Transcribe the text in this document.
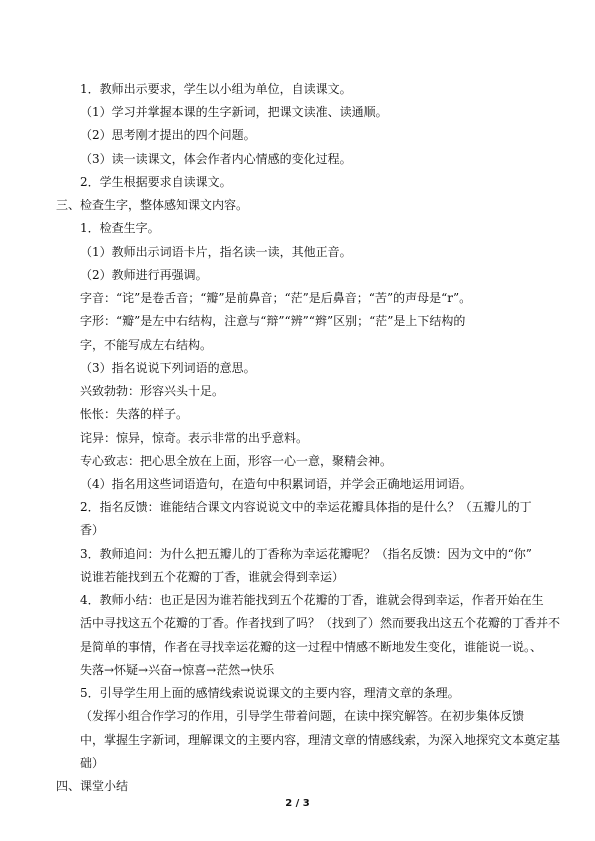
1．教师出示要求，学生以小组为单位，自读课文。
（1）学习并掌握本课的生字新词，把课文读准、读通顺。
（2）思考刚才提出的四个问题。
（3）读一读课文，体会作者内心情感的变化过程。
2．学生根据要求自读课文。
三、检查生字，整体感知课文内容。
1．检查生字。
（1）教师出示词语卡片，指名读一读，其他正音。
（2）教师进行再强调。
字音：“诧”是卷舌音；“瓣”是前鼻音；“茫”是后鼻音；“苦”的声母是“r”。
字形：“瓣”是左中右结构，注意与“辩”“辨”“辫”区别；“茫”是上下结构的
字，不能写成左右结构。
（3）指名说说下列词语的意思。
兴致勃勃：形容兴头十足。
怅怅：失落的样子。
诧异：惊异，惊奇。表示非常的出乎意料。
专心致志：把心思全放在上面，形容一心一意，聚精会神。
（4）指名用这些词语造句，在造句中积累词语，并学会正确地运用词语。
2．指名反馈：谁能结合课文内容说说文中的幸运花瓣具体指的是什么？（五瓣儿的丁
香）
3．教师追问：为什么把五瓣儿的丁香称为幸运花瓣呢？（指名反馈：因为文中的“你”
说谁若能找到五个花瓣的丁香，谁就会得到幸运）
4．教师小结：也正是因为谁若能找到五个花瓣的丁香，谁就会得到幸运，作者开始在生
活中寻找这五个花瓣的丁香。作者找到了吗？（找到了）然而要我出这五个花瓣的丁香并不
是简单的事情，作者在寻找幸运花瓣的这一过程中情感不断地发生变化，谁能说一说。、
失落→怀疑→兴奋→惊喜→茫然→快乐
5．引导学生用上面的感情线索说说课文的主要内容，理清文章的条理。
（发挥小组合作学习的作用，引导学生带着问题，在读中探究解答。在初步集体反馈
中，掌握生字新词，理解课文的主要内容，理清文章的情感线索，为深入地探究文本奠定基
础）
四、课堂小结
2 / 3
